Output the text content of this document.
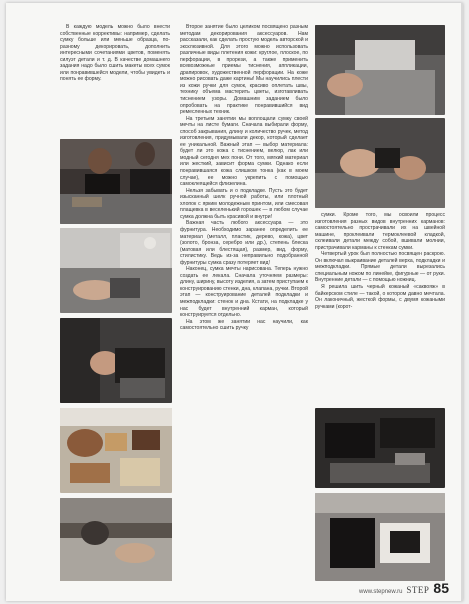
В каждую модель можно было внести собственные коррективы: например, сделать сумку больше или меньше образца, по-разному декорировать, дополнить интересными сочетаниями цветов, поменять силуэт детали и т. д. В качестве домашнего задания надо было сшить макеты всех сумок или понравившейся модели, чтобы увидеть и понять ее форму.

Второе занятие было целиком посвящено разным методам декорирования аксессуаров. Нам рассказали, как сделать простую модель авторской и эксклюзивной. Для этого можно использовать различные виды плетения кожи: круглое, плоское, по перфорации, в прорези, а также применить всевозможные приемы тиснения, аппликации, драпировок, художественной перфорации. На коже можно рисовать даже картины! Мы научились плести из кожи ручки для сумок, красиво оплетать швы, технику объема мастерить цветы, изготавливать тиснением узоры. Домашним заданием было опробовать на практике понравившийся вид ремесленных техник.

На третьем занятии мы воплощали сумку своей мечты на листе бумаги. Сначала выбирали форму, способ закрывания, длину и количество ручек, метод изготовления, придумывали декор, который сделает ее уникальной. Важный этап — выбор материала: будет ли это кожа с тиснением, велюр, лак или модный сегодня мех пони. От того, мягкий материал или жесткий, зависит форма сумки. Однако если понравившаяся кожа слишком тонка (как в моем случае), ее можно укрепить с помощью самоклеящейся флизелина.

Нельзя забывать и о подкладке. Пусть это будет изысканный шелк ручной работы, или плотный хлопок с ярким молодежным принтом, или смесовая плащевка в веселенький горошек — в любом случае сумка должна быть красивой и внутри!

Важная часть любого аксессуара — это фурнитура. Необходимо заранее определить ее материал (металл, пластик, дерево, кожа), цвет (золото, бронза, серебро или др.), степень блеска (матовая или блестящая), размер, вид, форму, стилистику. Ведь из-за неправильно подобранной фурнитуры сумка сразу потеряет вид!

Наконец, сумка мечты нарисована. Теперь нужно создать ее лекала. Сначала уточняем размеры: длину, ширину, высоту изделия, а затем приступаем к конструированию стенки, дна, клапана, ручки. Второй этап — конструирование деталей подкладки и межподкладки: стенок и дна. Кстати, на подкладке у нас будет внутренний карман, который конструируется отдельно.

На этом же занятии нас научили, как самостоятельно сшить ручку

сумки. Кроме того, мы освоили процесс изготовления разных видов внутренних карманов: самостоятельно прострачивали их на швейной машине, проклеивали термоклеевой кладкой, склеивали детали между собой, вшивали молнии, пристрачивали карманы к стенкам сумки.

Четвертый урок был полностью посвящен раскрою. Он включал выкраивание деталей верха, подкладки и межподкладки. Прямые детали вырезались специальным ножом по линейке, фигурные — от руки. Внутренние детали — с помощью ножниц.

Я решила шить черный кожаный «саквояж» в байкерском стиле — такой, о котором давно мечтала. Он лаконичный, жесткой формы, с двумя кожаными ручками (корот-

www.stepnew.ru STEP 85
